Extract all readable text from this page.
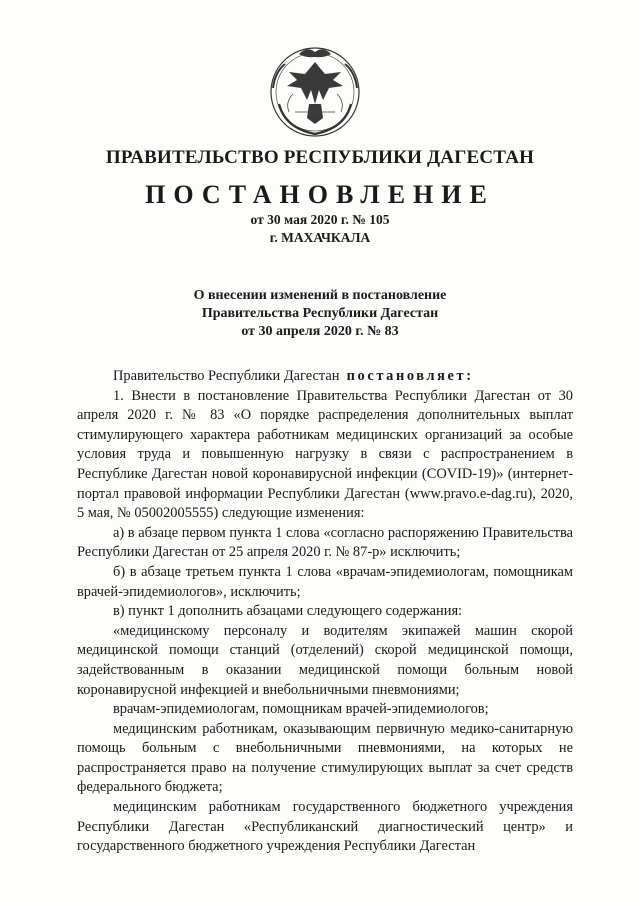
ПРАВИТЕЛЬСТВО РЕСПУБЛИКИ ДАГЕСТАН
ПОСТАНОВЛЕНИЕ
от 30 мая 2020 г. № 105
г. МАХАЧКАЛА
О внесении изменений в постановление
Правительства Республики Дагестан
от 30 апреля 2020 г. № 83

Правительство Республики Дагестан постановляет:

1. Внести в постановление Правительства Республики Дагестан от 30 апреля 2020 г. № 83 «О порядке распределения дополнительных выплат стимулирующего характера работникам медицинских организаций за особые условия труда и повышенную нагрузку в связи с распространением в Республике Дагестан новой коронавирусной инфекции (COVID-19)» (интернет-портал правовой информации Республики Дагестан (www.pravo.e-dag.ru), 2020, 5 мая, № 05002005555) следующие изменения:

а) в абзаце первом пункта 1 слова «согласно распоряжению Правительства Республики Дагестан от 25 апреля 2020 г. № 87-р» исключить;

б) в абзаце третьем пункта 1 слова «врачам-эпидемиологам, помощникам врачей-эпидемиологов», исключить;

в) пункт 1 дополнить абзацами следующего содержания:

«медицинскому персоналу и водителям экипажей машин скорой медицинской помощи станций (отделений) скорой медицинской помощи, задействованным в оказании медицинской помощи больным новой коронавирусной инфекцией и внебольничными пневмониями;

врачам-эпидемиологам, помощникам врачей-эпидемиологов;

медицинским работникам, оказывающим первичную медико-санитарную помощь больным с внебольничными пневмониями, на которых не распространяется право на получение стимулирующих выплат за счет средств федерального бюджета;

медицинским работникам государственного бюджетного учреждения Республики Дагестан «Республиканский диагностический центр» и государственного бюджетного учреждения Республики Дагестан
